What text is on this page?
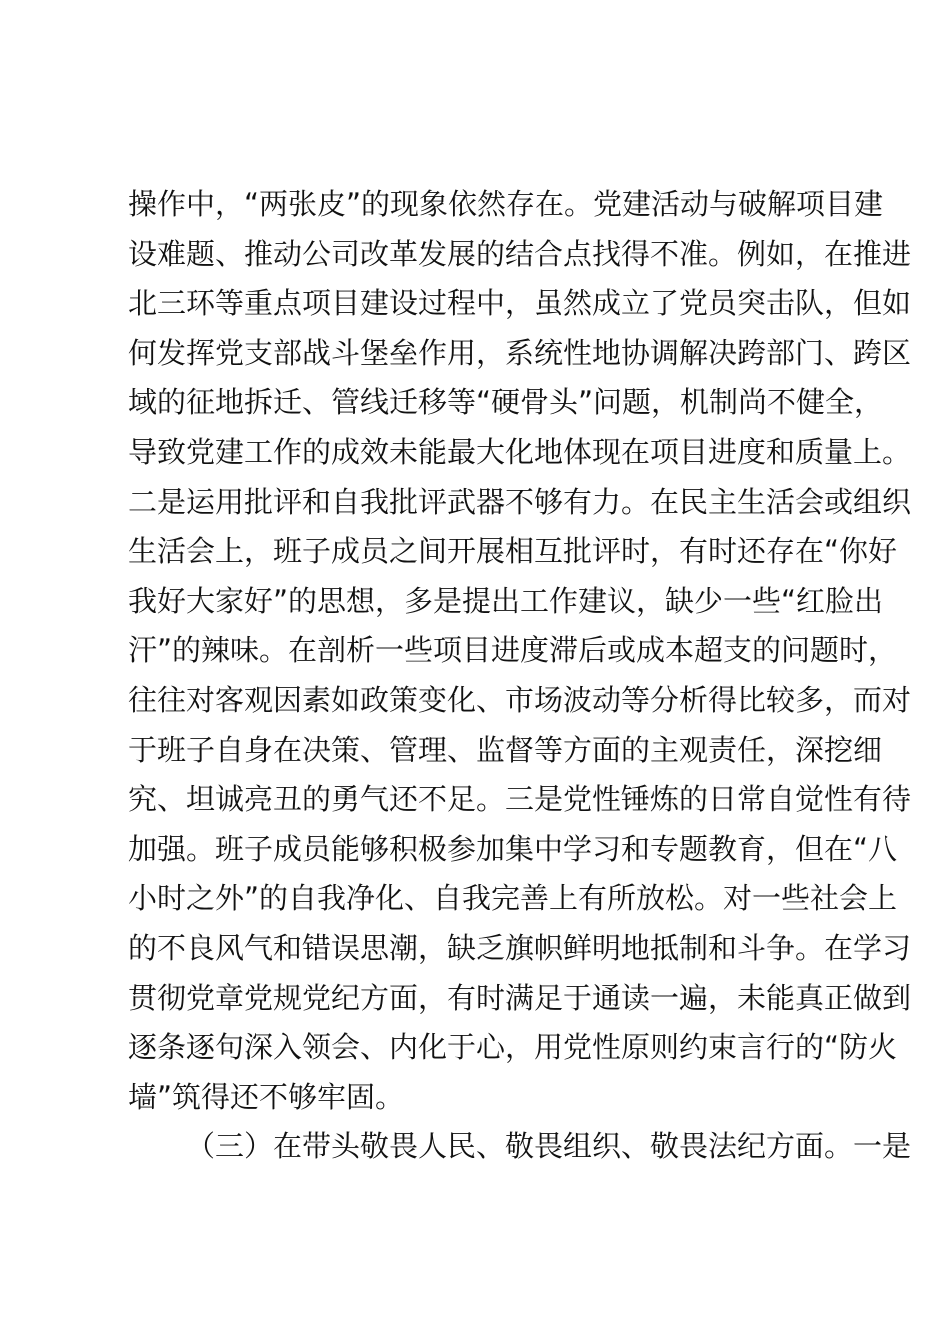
操作中，“两张皮”的现象依然存在。党建活动与破解项目建
设难题、推动公司改革发展的结合点找得不准。例如，在推进
北三环等重点项目建设过程中，虽然成立了党员突击队，但如
何发挥党支部战斗堡垒作用，系统性地协调解决跨部门、跨区
域的征地拆迁、管线迁移等“硬骨头”问题，机制尚不健全，
导致党建工作的成效未能最大化地体现在项目进度和质量上。
二是运用批评和自我批评武器不够有力。在民主生活会或组织
生活会上，班子成员之间开展相互批评时，有时还存在“你好
我好大家好”的思想，多是提出工作建议，缺少一些“红脸出
汗”的辣味。在剖析一些项目进度滞后或成本超支的问题时，
往往对客观因素如政策变化、市场波动等分析得比较多，而对
于班子自身在决策、管理、监督等方面的主观责任，深挖细
究、坦诚亮丑的勇气还不足。三是党性锤炼的日常自觉性有待
加强。班子成员能够积极参加集中学习和专题教育，但在“八
小时之外”的自我净化、自我完善上有所放松。对一些社会上
的不良风气和错误思潮，缺乏旗帜鲜明地抵制和斗争。在学习
贯彻党章党规党纪方面，有时满足于通读一遍，未能真正做到
逐条逐句深入领会、内化于心，用党性原则约束言行的“防火
墙”筑得还不够牢固。
（三）在带头敬畏人民、敬畏组织、敬畏法纪方面。一是
